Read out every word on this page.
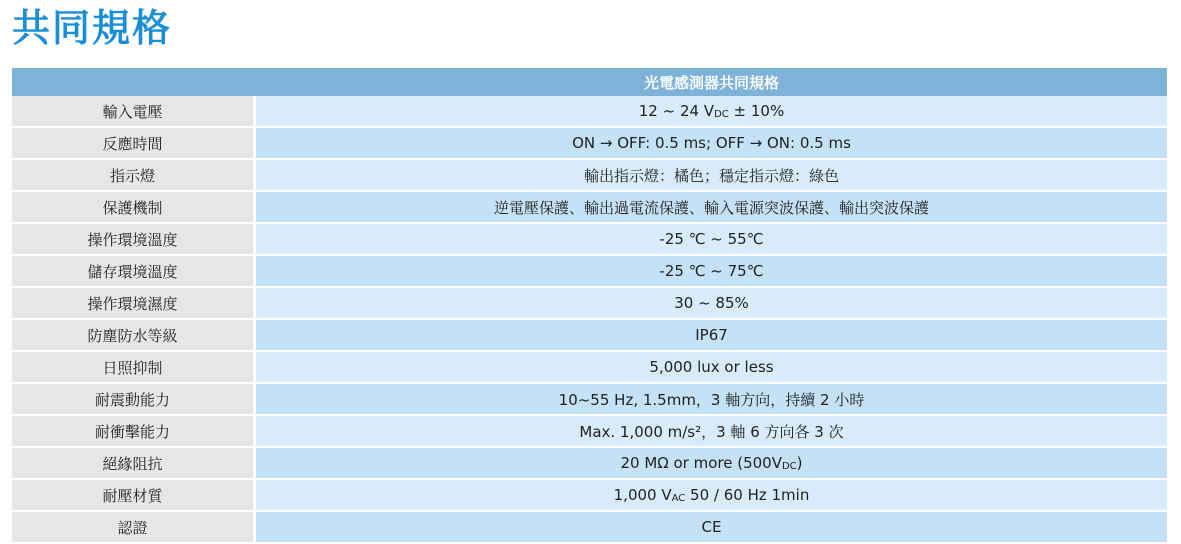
共同規格
	光電感測器共同規格
輸入電壓	12 ~ 24 $V_{DC} \pm 10\%$
反應時間	ON → OFF: 0.5 ms; OFF → ON: 0.5 ms
指示燈	輸出指示燈：橘色；穩定指示燈：綠色
保護機制	逆電壓保護、輸出過電流保護、輸入電源突波保護、輸出突波保護
操作環境溫度	-25 ℃ ~ 55℃
儲存環境溫度	-25 ℃ ~ 75℃
操作環境濕度	30 ~ 85%
防塵防水等級	IP67
日照抑制	5,000 lux or less
耐震動能力	10~55 Hz, 1.5mm，3 軸方向，持續 2 小時
耐衝擊能力	Max. 1,000 m/s²，3 軸 6 方向各 3 次
絕緣阻抗	20 MΩ or more $(500V_{DC})$
耐壓材質	1,000 $V_{AC}$ 50 / 60 Hz 1min
認證	CE
